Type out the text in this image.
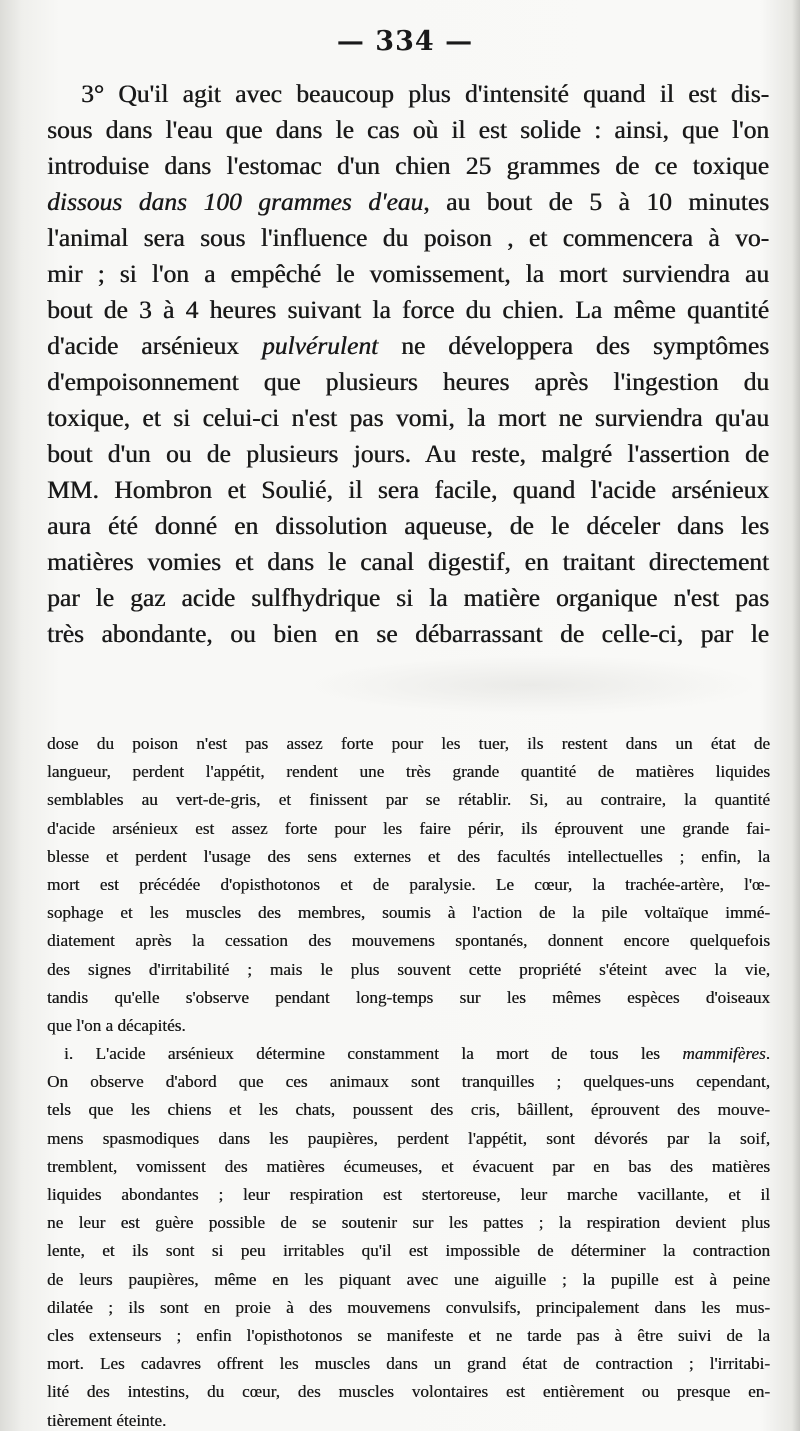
— 334 —
3° Qu'il agit avec beaucoup plus d'intensité quand il est dis-
sous dans l'eau que dans le cas où il est solide : ainsi, que l'on
introduise dans l'estomac d'un chien 25 grammes de ce toxique
dissous dans 100 grammes d'eau, au bout de 5 à 10 minutes
l'animal sera sous l'influence du poison , et commencera à vo-
mir ; si l'on a empêché le vomissement, la mort surviendra au
bout de 3 à 4 heures suivant la force du chien. La même quantité
d'acide arsénieux pulvérulent ne développera des symptômes
d'empoisonnement que plusieurs heures après l'ingestion du
toxique, et si celui-ci n'est pas vomi, la mort ne surviendra qu'au
bout d'un ou de plusieurs jours. Au reste, malgré l'assertion de
MM. Hombron et Soulié, il sera facile, quand l'acide arsénieux
aura été donné en dissolution aqueuse, de le déceler dans les
matières vomies et dans le canal digestif, en traitant directement
par le gaz acide sulfhydrique si la matière organique n'est pas
très abondante, ou bien en se débarrassant de celle-ci, par le
dose du poison n'est pas assez forte pour les tuer, ils restent dans un état de
langueur, perdent l'appétit, rendent une très grande quantité de matières liquides
semblables au vert-de-gris, et finissent par se rétablir. Si, au contraire, la quantité
d'acide arsénieux est assez forte pour les faire périr, ils éprouvent une grande fai-
blesse et perdent l'usage des sens externes et des facultés intellectuelles ; enfin, la
mort est précédée d'opisthotonos et de paralysie. Le cœur, la trachée-artère, l'œ-
sophage et les muscles des membres, soumis à l'action de la pile voltaïque immé-
diatement après la cessation des mouvemens spontanés, donnent encore quelquefois
des signes d'irritabilité ; mais le plus souvent cette propriété s'éteint avec la vie,
tandis qu'elle s'observe pendant long-temps sur les mêmes espèces d'oiseaux
que l'on a décapités.
i. L'acide arsénieux détermine constamment la mort de tous les mammifères.
On observe d'abord que ces animaux sont tranquilles ; quelques-uns cependant,
tels que les chiens et les chats, poussent des cris, bâillent, éprouvent des mouve-
mens spasmodiques dans les paupières, perdent l'appétit, sont dévorés par la soif,
tremblent, vomissent des matières écumeuses, et évacuent par en bas des matières
liquides abondantes ; leur respiration est stertoreuse, leur marche vacillante, et il
ne leur est guère possible de se soutenir sur les pattes ; la respiration devient plus
lente, et ils sont si peu irritables qu'il est impossible de déterminer la contraction
de leurs paupières, même en les piquant avec une aiguille ; la pupille est à peine
dilatée ; ils sont en proie à des mouvemens convulsifs, principalement dans les mus-
cles extenseurs ; enfin l'opisthotonos se manifeste et ne tarde pas à être suivi de la
mort. Les cadavres offrent les muscles dans un grand état de contraction ; l'irritabi-
lité des intestins, du cœur, des muscles volontaires est entièrement ou presque en-
tièrement éteinte.
